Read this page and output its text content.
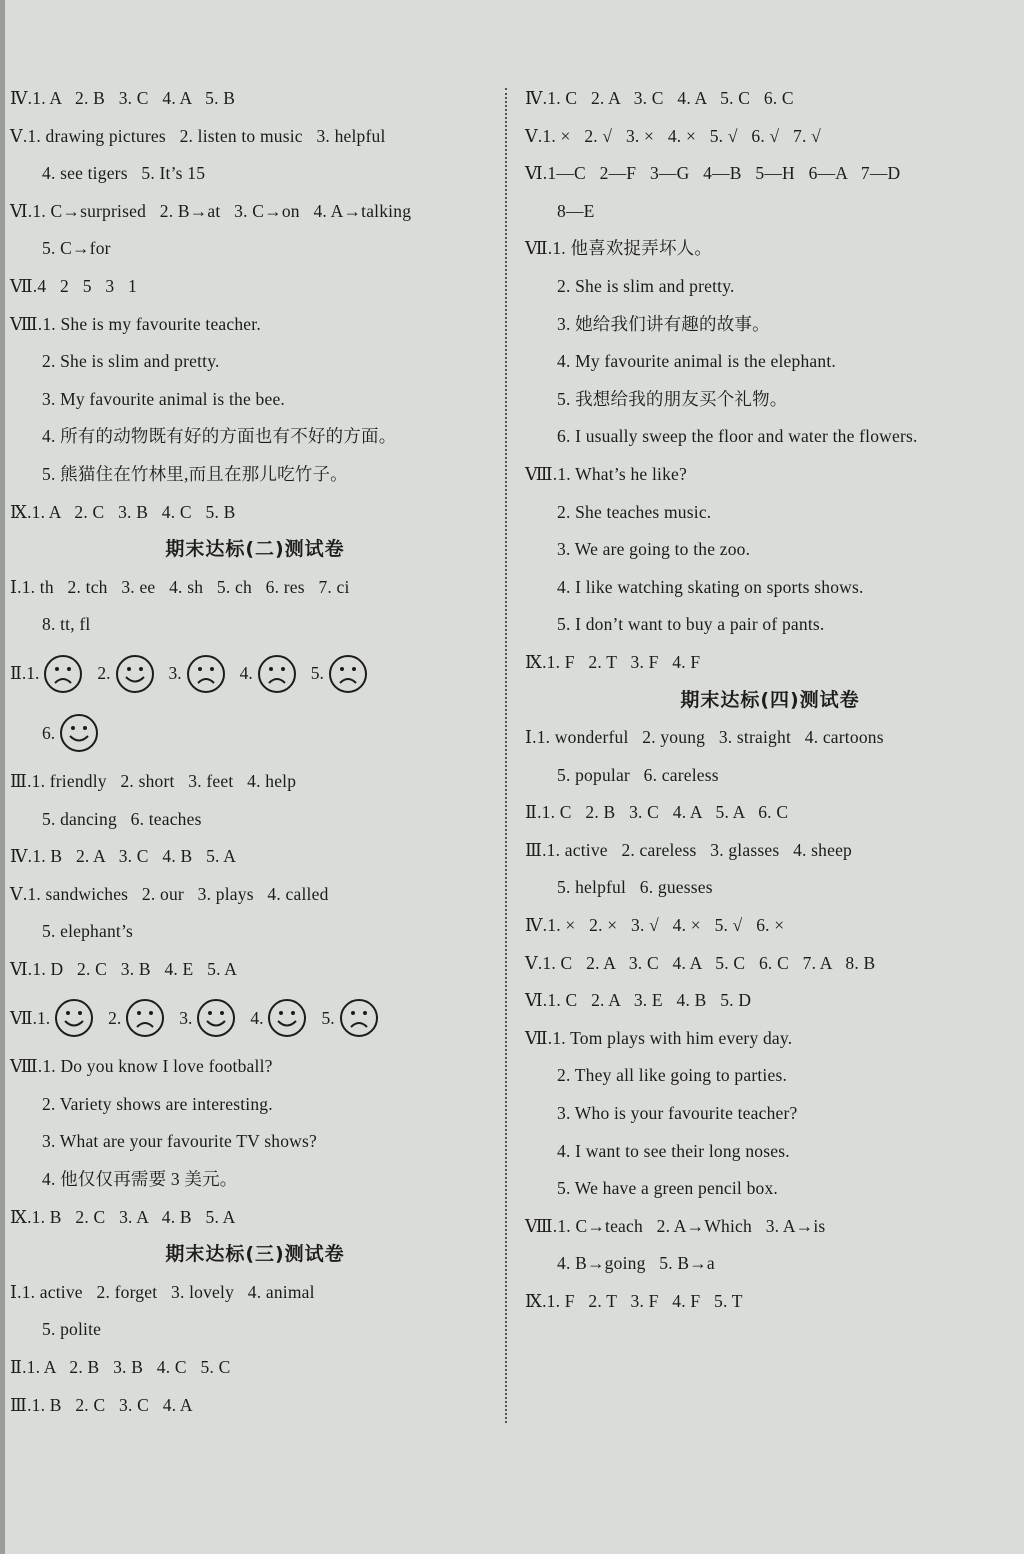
Ⅳ.1. A   2. B   3. C   4. A   5. B
Ⅴ.1. drawing pictures   2. listen to music   3. helpful
4. see tigers   5. It’s 15
Ⅵ.1. C→surprised   2. B→at   3. C→on   4. A→talking
5. C→for
Ⅶ.4   2   5   3   1
Ⅷ.1. She is my favourite teacher.
2. She is slim and pretty.
3. My favourite animal is the bee.
4. 所有的动物既有好的方面也有不好的方面。
5. 熊猫住在竹林里,而且在那儿吃竹子。
Ⅸ.1. A   2. C   3. B   4. C   5. B
期末达标(二)测试卷
Ⅰ.1. th   2. tch   3. ee   4. sh   5. ch   6. res   7. ci
8. tt, fl
Ⅱ. 1.	2.	3.	4.	5.
6.
Ⅲ.1. friendly   2. short   3. feet   4. help
5. dancing   6. teaches
Ⅳ.1. B   2. A   3. C   4. B   5. A
Ⅴ.1. sandwiches   2. our   3. plays   4. called
5. elephant’s
Ⅵ.1. D   2. C   3. B   4. E   5. A
Ⅶ. 1.	2.	3.	4.	5.
Ⅷ.1. Do you know I love football?
2. Variety shows are interesting.
3. What are your favourite TV shows?
4. 他仅仅再需要 3 美元。
Ⅸ.1. B   2. C   3. A   4. B   5. A
期末达标(三)测试卷
Ⅰ.1. active   2. forget   3. lovely   4. animal
5. polite
Ⅱ.1. A   2. B   3. B   4. C   5. C
Ⅲ.1. B   2. C   3. C   4. A
Ⅳ.1. C   2. A   3. C   4. A   5. C   6. C
Ⅴ.1. ×   2. √   3. ×   4. ×   5. √   6. √   7. √
Ⅵ.1—C   2—F   3—G   4—B   5—H   6—A   7—D
8—E
Ⅶ.1. 他喜欢捉弄坏人。
2. She is slim and pretty.
3. 她给我们讲有趣的故事。
4. My favourite animal is the elephant.
5. 我想给我的朋友买个礼物。
6. I usually sweep the floor and water the flowers.
Ⅷ.1. What’s he like?
2. She teaches music.
3. We are going to the zoo.
4. I like watching skating on sports shows.
5. I don’t want to buy a pair of pants.
Ⅸ.1. F   2. T   3. F   4. F
期末达标(四)测试卷
Ⅰ.1. wonderful   2. young   3. straight   4. cartoons
5. popular   6. careless
Ⅱ.1. C   2. B   3. C   4. A   5. A   6. C
Ⅲ.1. active   2. careless   3. glasses   4. sheep
5. helpful   6. guesses
Ⅳ.1. ×   2. ×   3. √   4. ×   5. √   6. ×
Ⅴ.1. C   2. A   3. C   4. A   5. C   6. C   7. A   8. B
Ⅵ.1. C   2. A   3. E   4. B   5. D
Ⅶ.1. Tom plays with him every day.
2. They all like going to parties.
3. Who is your favourite teacher?
4. I want to see their long noses.
5. We have a green pencil box.
Ⅷ.1. C→teach   2. A→Which   3. A→is
4. B→going   5. B→a
Ⅸ.1. F   2. T   3. F   4. F   5. T
